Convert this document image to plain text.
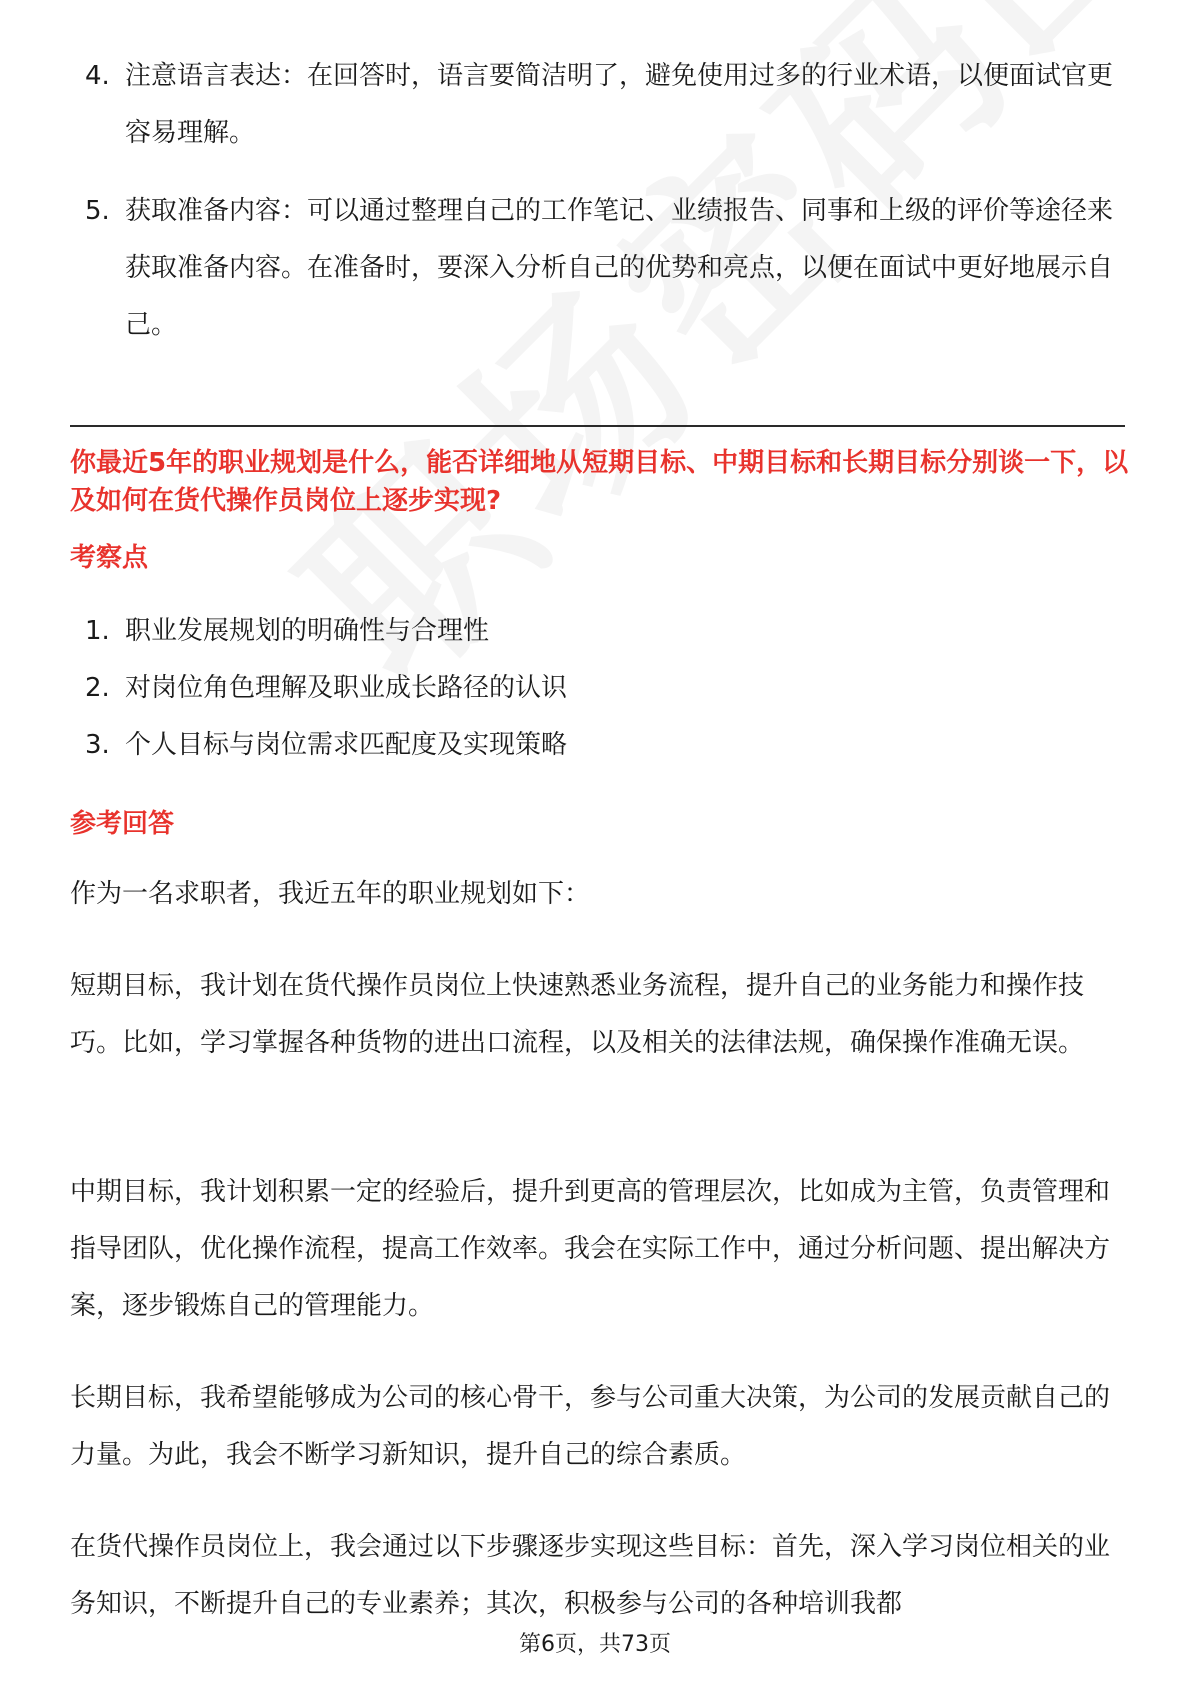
4. 注意语言表达：在回答时，语言要简洁明了，避免使用过多的行业术语，以便面试官更容易理解。
5. 获取准备内容：可以通过整理自己的工作笔记、业绩报告、同事和上级的评价等途径来获取准备内容。在准备时，要深入分析自己的优势和亮点，以便在面试中更好地展示自己。
你最近5年的职业规划是什么，能否详细地从短期目标、中期目标和长期目标分别谈一下，以及如何在货代操作员岗位上逐步实现?
考察点
1. 职业发展规划的明确性与合理性
2. 对岗位角色理解及职业成长路径的认识
3. 个人目标与岗位需求匹配度及实现策略
参考回答
作为一名求职者，我近五年的职业规划如下：
短期目标，我计划在货代操作员岗位上快速熟悉业务流程，提升自己的业务能力和操作技巧。比如，学习掌握各种货物的进出口流程，以及相关的法律法规，确保操作准确无误。
中期目标，我计划积累一定的经验后，提升到更高的管理层次，比如成为主管，负责管理和指导团队，优化操作流程，提高工作效率。我会在实际工作中，通过分析问题、提出解决方案，逐步锻炼自己的管理能力。
长期目标，我希望能够成为公司的核心骨干，参与公司重大决策，为公司的发展贡献自己的力量。为此，我会不断学习新知识，提升自己的综合素质。
在货代操作员岗位上，我会通过以下步骤逐步实现这些目标：首先，深入学习岗位相关的业务知识，不断提升自己的专业素养；其次，积极参与公司的各种培训我都
第6页，共73页
